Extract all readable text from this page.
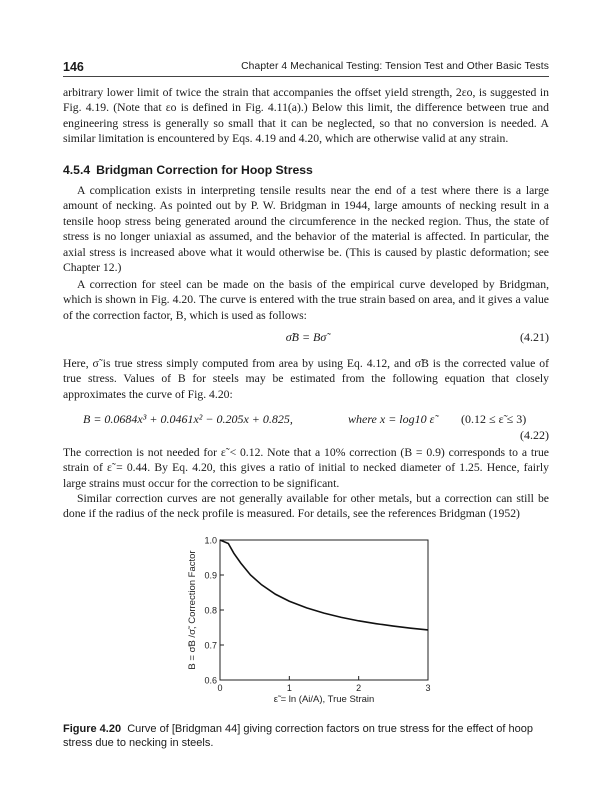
146	Chapter 4 Mechanical Testing: Tension Test and Other Basic Tests

arbitrary lower limit of twice the strain that accompanies the offset yield strength, 2εo, is suggested in Fig. 4.19. (Note that εo is defined in Fig. 4.11(a).) Below this limit, the difference between true and engineering stress is generally so small that it can be neglected, so that no conversion is needed. A similar limitation is encountered by Eqs. 4.19 and 4.20, which are otherwise valid at any strain.

4.5.4 Bridgman Correction for Hoop Stress

A complication exists in interpreting tensile results near the end of a test where there is a large amount of necking. As pointed out by P. W. Bridgman in 1944, large amounts of necking result in a tensile hoop stress being generated around the circumference in the necked region. Thus, the state of stress is no longer uniaxial as assumed, and the behavior of the material is affected. In particular, the axial stress is increased above what it would otherwise be. (This is caused by plastic deformation; see Chapter 12.)

A correction for steel can be made on the basis of the empirical curve developed by Bridgman, which is shown in Fig. 4.20. The curve is entered with the true strain based on area, and it gives a value of the correction factor, B, which is used as follows:

σ̃B = Bσ̃	(4.21)

Here, σ̃ is true stress simply computed from area by using Eq. 4.12, and σ̃B is the corrected value of true stress. Values of B for steels may be estimated from the following equation that closely approximates the curve of Fig. 4.20:

B = 0.0684x³ + 0.0461x² − 0.205x + 0.825,	where x = log10 ε̃ (0.12 ≤ ε̃ ≤ 3)
(4.22)

The correction is not needed for ε̃ < 0.12. Note that a 10% correction (B = 0.9) corresponds to a true strain of ε̃ = 0.44. By Eq. 4.20, this gives a ratio of initial to necked diameter of 1.25. Hence, fairly large strains must occur for the correction to be significant.

Similar correction curves are not generally available for other metals, but a correction can still be done if the radius of the neck profile is measured. For details, see the references Bridgman (1952)

0.6
0.7
0.8
0.9
1.0
0	1	2	3
ε̃ = ln (Ai/A), True Strain
B = σ̃B /σ̃, Correction Factor

Figure 4.20 Curve of [Bridgman 44] giving correction factors on true stress for the effect of hoop stress due to necking in steels.
